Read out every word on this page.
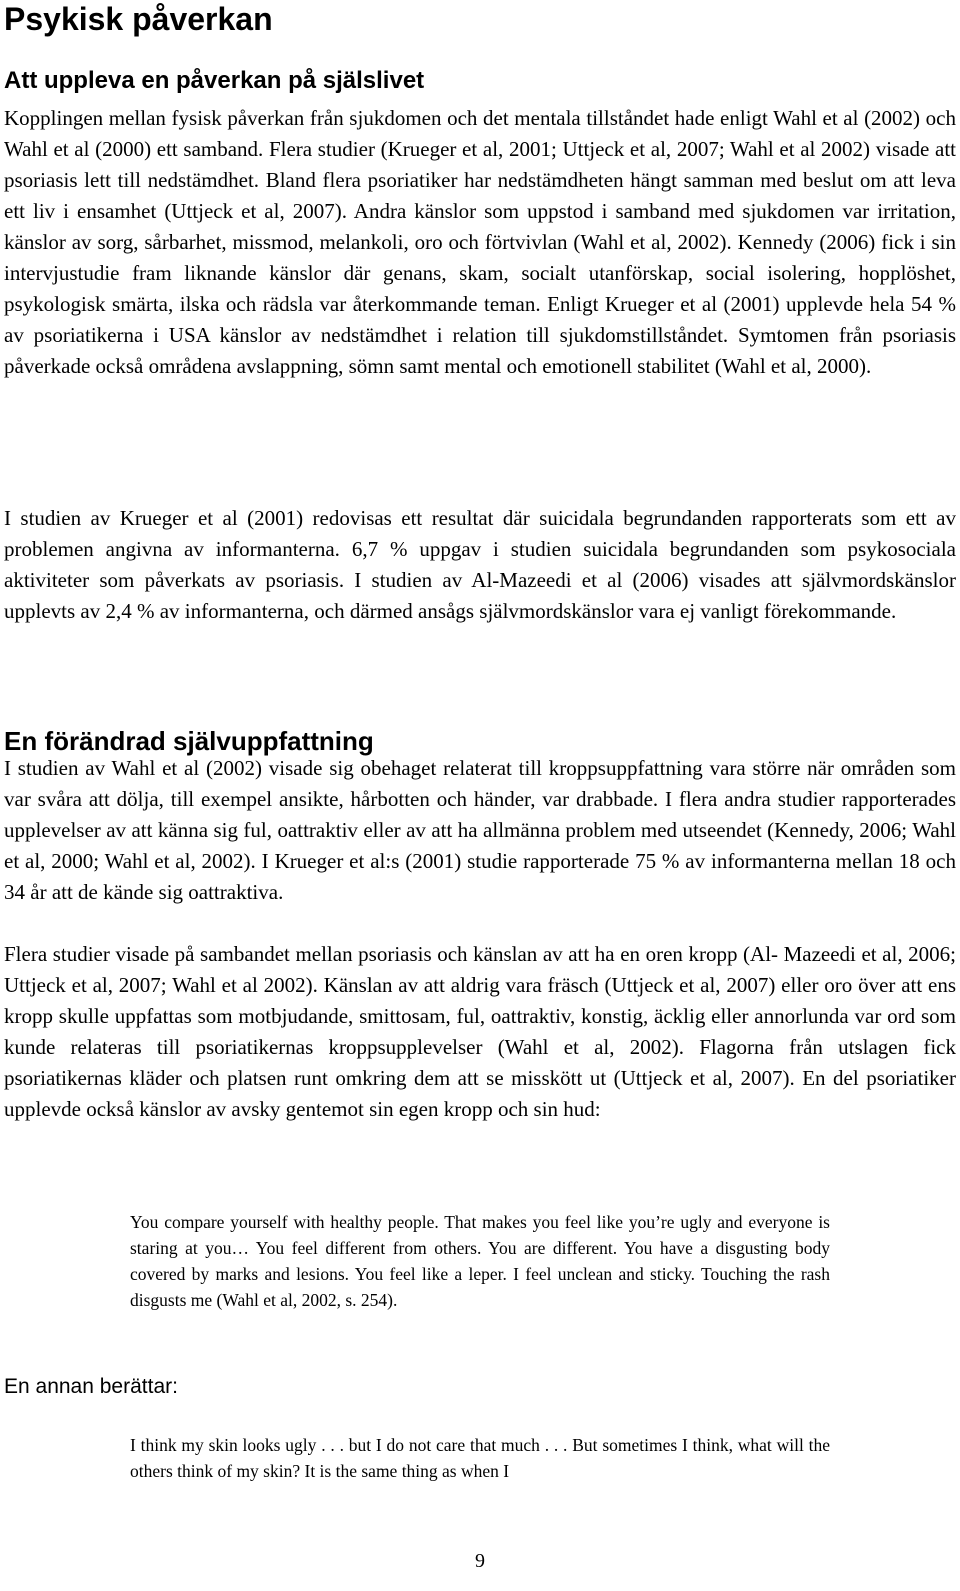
Psykisk påverkan
Att uppleva en påverkan på själslivet

Kopplingen mellan fysisk påverkan från sjukdomen och det mentala tillståndet hade enligt Wahl et al (2002) och Wahl et al (2000) ett samband. Flera studier (Krueger et al, 2001; Uttjeck et al, 2007; Wahl et al 2002) visade att psoriasis lett till nedstämdhet. Bland flera psoriatiker har nedstämdheten hängt samman med beslut om att leva ett liv i ensamhet (Uttjeck et al, 2007). Andra känslor som uppstod i samband med sjukdomen var irritation, känslor av sorg, sårbarhet, missmod, melankoli, oro och förtvivlan (Wahl et al, 2002). Kennedy (2006) fick i sin intervjustudie fram liknande känslor där genans, skam, socialt utanförskap, social isolering, hopplöshet, psykologisk smärta, ilska och rädsla var återkommande teman. Enligt Krueger et al (2001) upplevde hela 54 % av psoriatikerna i USA känslor av nedstämdhet i relation till sjukdomstillståndet. Symtomen från psoriasis påverkade också områdena avslappning, sömn samt mental och emotionell stabilitet (Wahl et al, 2000).

I studien av Krueger et al (2001) redovisas ett resultat där suicidala begrundanden rapporterats som ett av problemen angivna av informanterna. 6,7 % uppgav i studien suicidala begrundanden som psykosociala aktiviteter som påverkats av psoriasis. I studien av Al-Mazeedi et al (2006) visades att självmordskänslor upplevts av 2,4 % av informanterna, och därmed ansågs självmordskänslor vara ej vanligt förekommande.

En förändrad självuppfattning

I studien av Wahl et al (2002) visade sig obehaget relaterat till kroppsuppfattning vara större när områden som var svåra att dölja, till exempel ansikte, hårbotten och händer, var drabbade. I flera andra studier rapporterades upplevelser av att känna sig ful, oattraktiv eller av att ha allmänna problem med utseendet (Kennedy, 2006; Wahl et al, 2000; Wahl et al, 2002). I Krueger et al:s (2001) studie rapporterade 75 % av informanterna mellan 18 och 34 år att de kände sig oattraktiva.

Flera studier visade på sambandet mellan psoriasis och känslan av att ha en oren kropp (Al- Mazeedi et al, 2006; Uttjeck et al, 2007; Wahl et al 2002). Känslan av att aldrig vara fräsch (Uttjeck et al, 2007) eller oro över att ens kropp skulle uppfattas som motbjudande, smittosam, ful, oattraktiv, konstig, äcklig eller annorlunda var ord som kunde relateras till psoriatikernas kroppsupplevelser (Wahl et al, 2002). Flagorna från utslagen fick psoriatikernas kläder och platsen runt omkring dem att se misskött ut (Uttjeck et al, 2007). En del psoriatiker upplevde också känslor av avsky gentemot sin egen kropp och sin hud:

You compare yourself with healthy people. That makes you feel like you’re ugly and everyone is staring at you… You feel different from others. You are different. You have a disgusting body covered by marks and lesions. You feel like a leper. I feel unclean and sticky. Touching the rash disgusts me (Wahl et al, 2002, s. 254).

En annan berättar:

I think my skin looks ugly . . . but I do not care that much . . . But sometimes I think, what will the others think of my skin? It is the same thing as when I

9
